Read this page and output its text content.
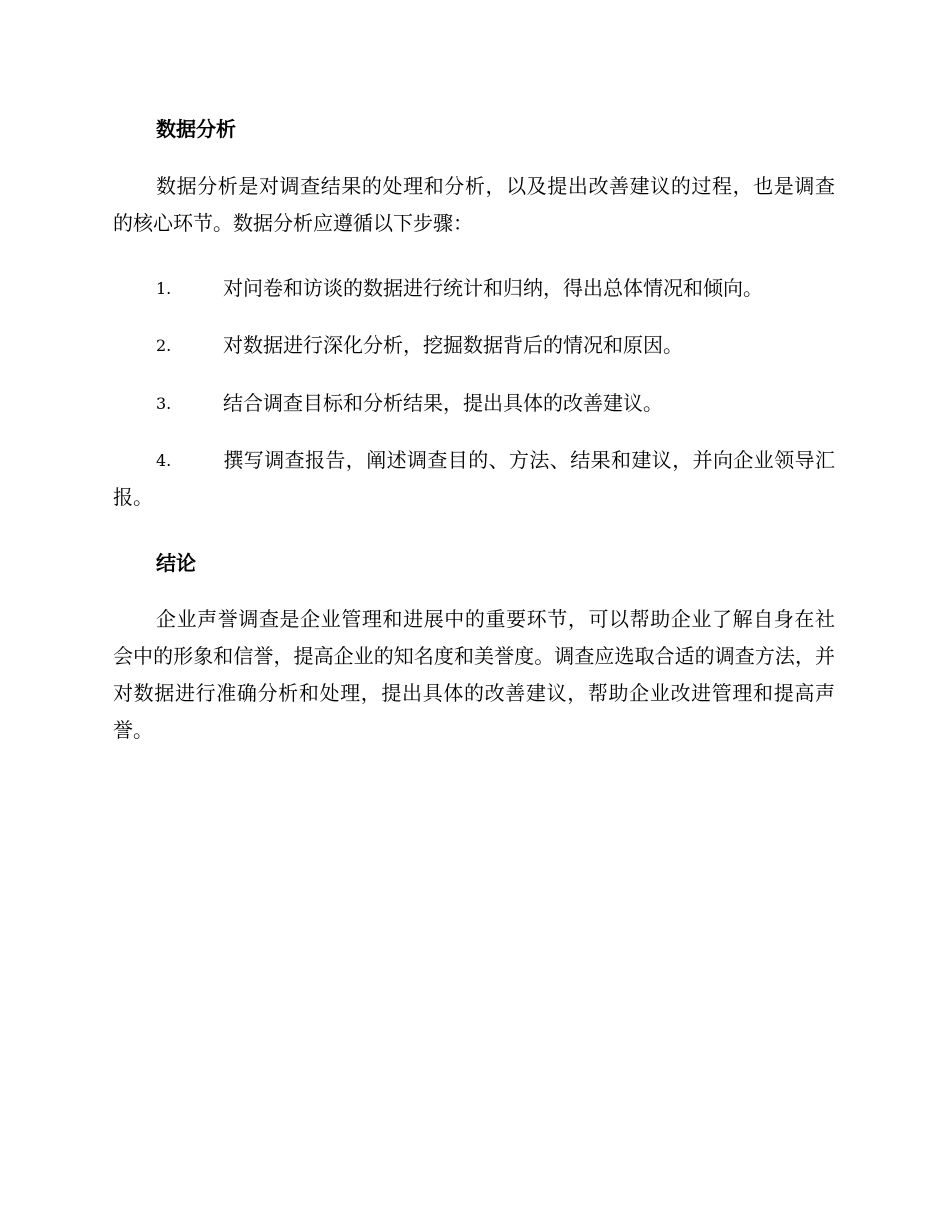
数据分析

数据分析是对调查结果的处理和分析，以及提出改善建议的过程，也是调查的核心环节。数据分析应遵循以下步骤：

1.	对问卷和访谈的数据进行统计和归纳，得出总体情况和倾向。

2.	对数据进行深化分析，挖掘数据背后的情况和原因。

3.	结合调查目标和分析结果，提出具体的改善建议。

4.	撰写调查报告，阐述调查目的、方法、结果和建议，并向企业领导汇报。

结论

企业声誉调查是企业管理和进展中的重要环节，可以帮助企业了解自身在社会中的形象和信誉，提高企业的知名度和美誉度。调查应选取合适的调查方法，并对数据进行准确分析和处理，提出具体的改善建议，帮助企业改进管理和提高声誉。
